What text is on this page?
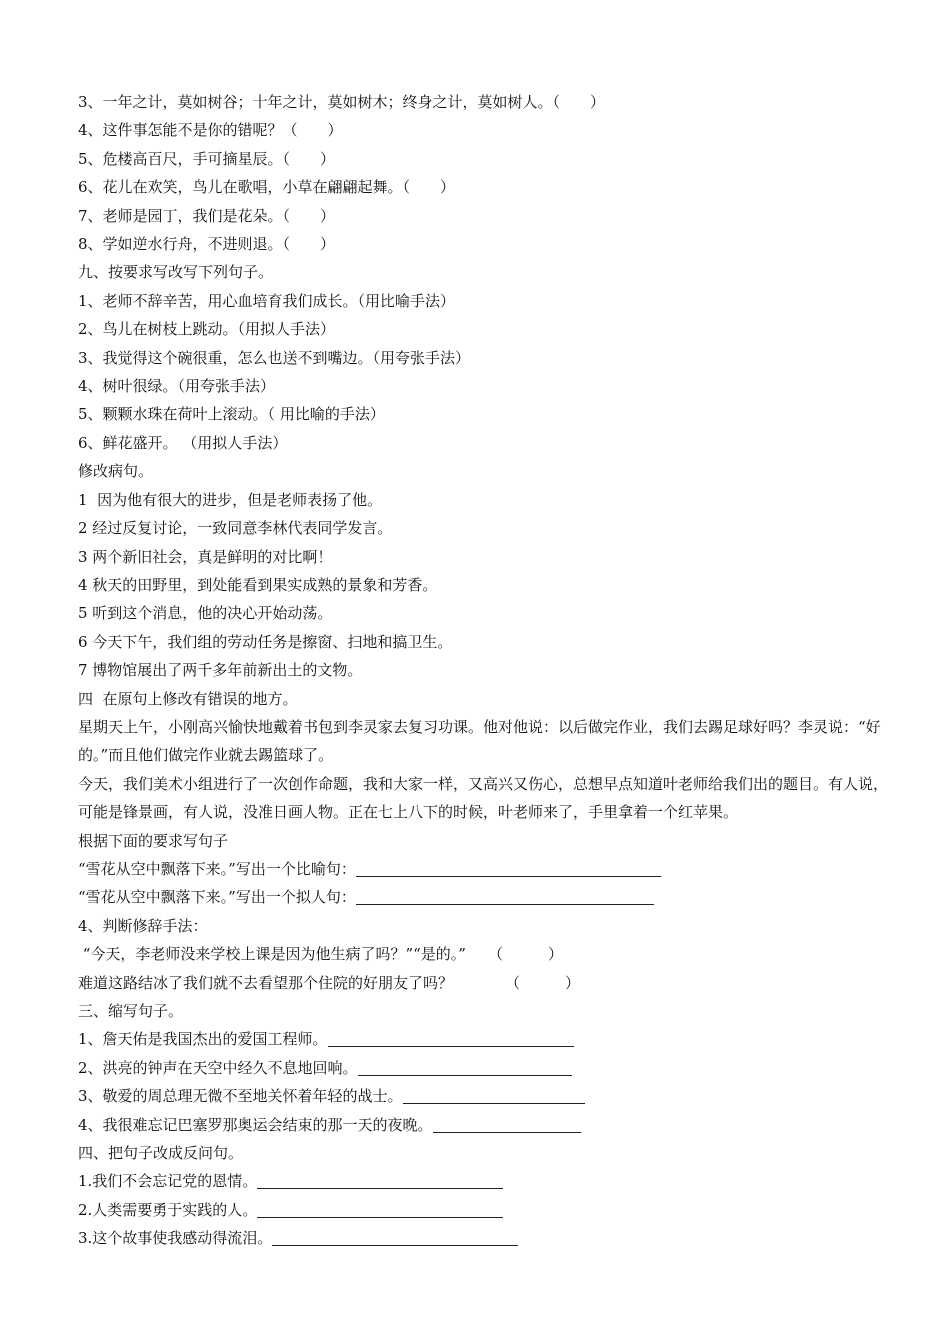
3、一年之计，莫如树谷；十年之计，莫如树木；终身之计，莫如树人。（　　）
4、这件事怎能不是你的错呢？（　　）
5、危楼高百尺，手可摘星辰。（　　）
6、花儿在欢笑，鸟儿在歌唱，小草在翩翩起舞。（　　）
7、老师是园丁，我们是花朵。（　　）
8、学如逆水行舟，不进则退。（　　）
九、按要求写改写下列句子。
1、老师不辞辛苦，用心血培育我们成长。（用比喻手法）
2、鸟儿在树枝上跳动。（用拟人手法）
3、我觉得这个碗很重，怎么也送不到嘴边。（用夸张手法）
4、树叶很绿。（用夸张手法）
5、颗颗水珠在荷叶上滚动。（ 用比喻的手法）
6、鲜花盛开。 （用拟人手法）
修改病句。
1  因为他有很大的进步，但是老师表扬了他。
2 经过反复讨论，一致同意李林代表同学发言。
3 两个新旧社会，真是鲜明的对比啊！
4 秋天的田野里，到处能看到果实成熟的景象和芳香。
5 听到这个消息，他的决心开始动荡。
6 今天下午，我们组的劳动任务是擦窗、扫地和搞卫生。
7 博物馆展出了两千多年前新出土的文物。
四  在原句上修改有错误的地方。
星期天上午，小刚高兴愉快地戴着书包到李灵家去复习功课。他对他说：以后做完作业，我们去踢足球好吗？李灵说：“好的。”而且他们做完作业就去踢篮球了。
今天，我们美术小组进行了一次创作命题，我和大家一样，又高兴又伤心，总想早点知道叶老师给我们出的题目。有人说，可能是锋景画，有人说，没准日画人物。正在七上八下的时候，叶老师来了，手里拿着一个红苹果。
根据下面的要求写句子
“雪花从空中飘落下来。”写出一个比喻句：
“雪花从空中飘落下来。”写出一个拟人句：
4、判断修辞手法：
“今天，李老师没来学校上课是因为他生病了吗？”“是的。” （　　　）
难道这路结冰了我们就不去看望那个住院的好朋友了吗？	（　　　）
三、缩写句子。
1、詹天佑是我国杰出的爱国工程师。
2、洪亮的钟声在天空中经久不息地回响。
3、敬爱的周总理无微不至地关怀着年轻的战士。
4、我很难忘记巴塞罗那奥运会结束的那一天的夜晚。
四、把句子改成反问句。
1.我们不会忘记党的恩情。
2.人类需要勇于实践的人。
3.这个故事使我感动得流泪。
